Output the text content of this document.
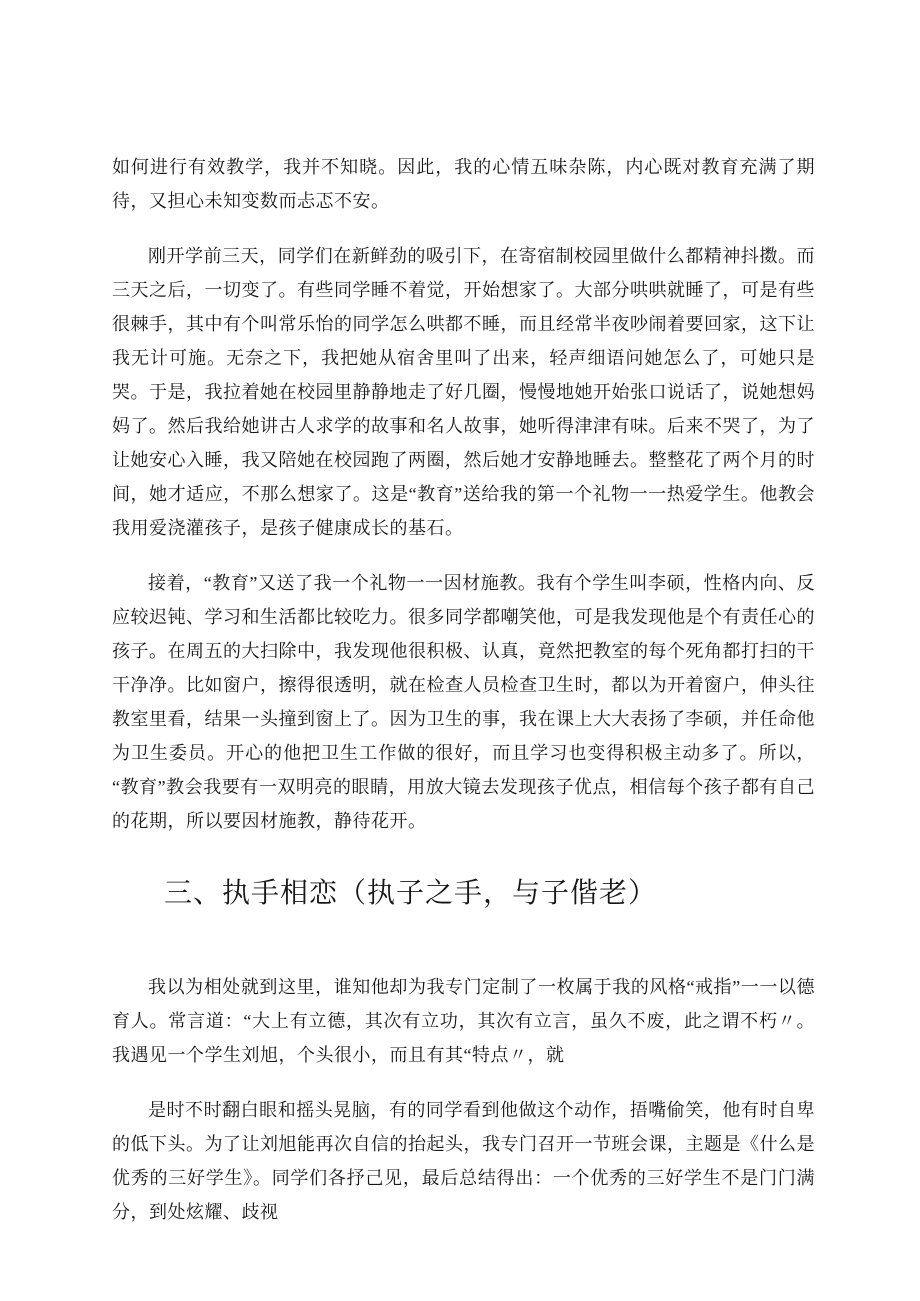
如何进行有效教学，我并不知晓。因此，我的心情五味杂陈，内心既对教育充满了期待，又担心未知变数而忐忑不安。

刚开学前三天，同学们在新鲜劲的吸引下，在寄宿制校园里做什么都精神抖擞。而三天之后，一切变了。有些同学睡不着觉，开始想家了。大部分哄哄就睡了，可是有些很棘手，其中有个叫常乐怡的同学怎么哄都不睡，而且经常半夜吵闹着要回家，这下让我无计可施。无奈之下，我把她从宿舍里叫了出来，轻声细语问她怎么了，可她只是哭。于是，我拉着她在校园里静静地走了好几圈，慢慢地她开始张口说话了，说她想妈妈了。然后我给她讲古人求学的故事和名人故事，她听得津津有味。后来不哭了，为了让她安心入睡，我又陪她在校园跑了两圈，然后她才安静地睡去。整整花了两个月的时间，她才适应，不那么想家了。这是“教育”送给我的第一个礼物一一热爱学生。他教会我用爱浇灌孩子，是孩子健康成长的基石。

接着，“教育”又送了我一个礼物一一因材施教。我有个学生叫李硕，性格内向、反应较迟钝、学习和生活都比较吃力。很多同学都嘲笑他，可是我发现他是个有责任心的孩子。在周五的大扫除中，我发现他很积极、认真，竟然把教室的每个死角都打扫的干干净净。比如窗户，擦得很透明，就在检查人员检查卫生时，都以为开着窗户，伸头往教室里看，结果一头撞到窗上了。因为卫生的事，我在课上大大表扬了李硕，并任命他为卫生委员。开心的他把卫生工作做的很好，而且学习也变得积极主动多了。所以，“教育”教会我要有一双明亮的眼睛，用放大镜去发现孩子优点，相信每个孩子都有自己的花期，所以要因材施教，静待花开。

三、执手相恋（执子之手，与子偕老）

我以为相处就到这里，谁知他却为我专门定制了一枚属于我的风格“戒指”一一以德育人。常言道：“大上有立德，其次有立功，其次有立言，虽久不废，此之谓不朽〃。我遇见一个学生刘旭，个头很小，而且有其“特点〃，就

是时不时翻白眼和摇头晃脑，有的同学看到他做这个动作，捂嘴偷笑，他有时自卑的低下头。为了让刘旭能再次自信的抬起头，我专门召开一节班会课，主题是《什么是优秀的三好学生》。同学们各抒己见，最后总结得出：一个优秀的三好学生不是门门满分，到处炫耀、歧视
